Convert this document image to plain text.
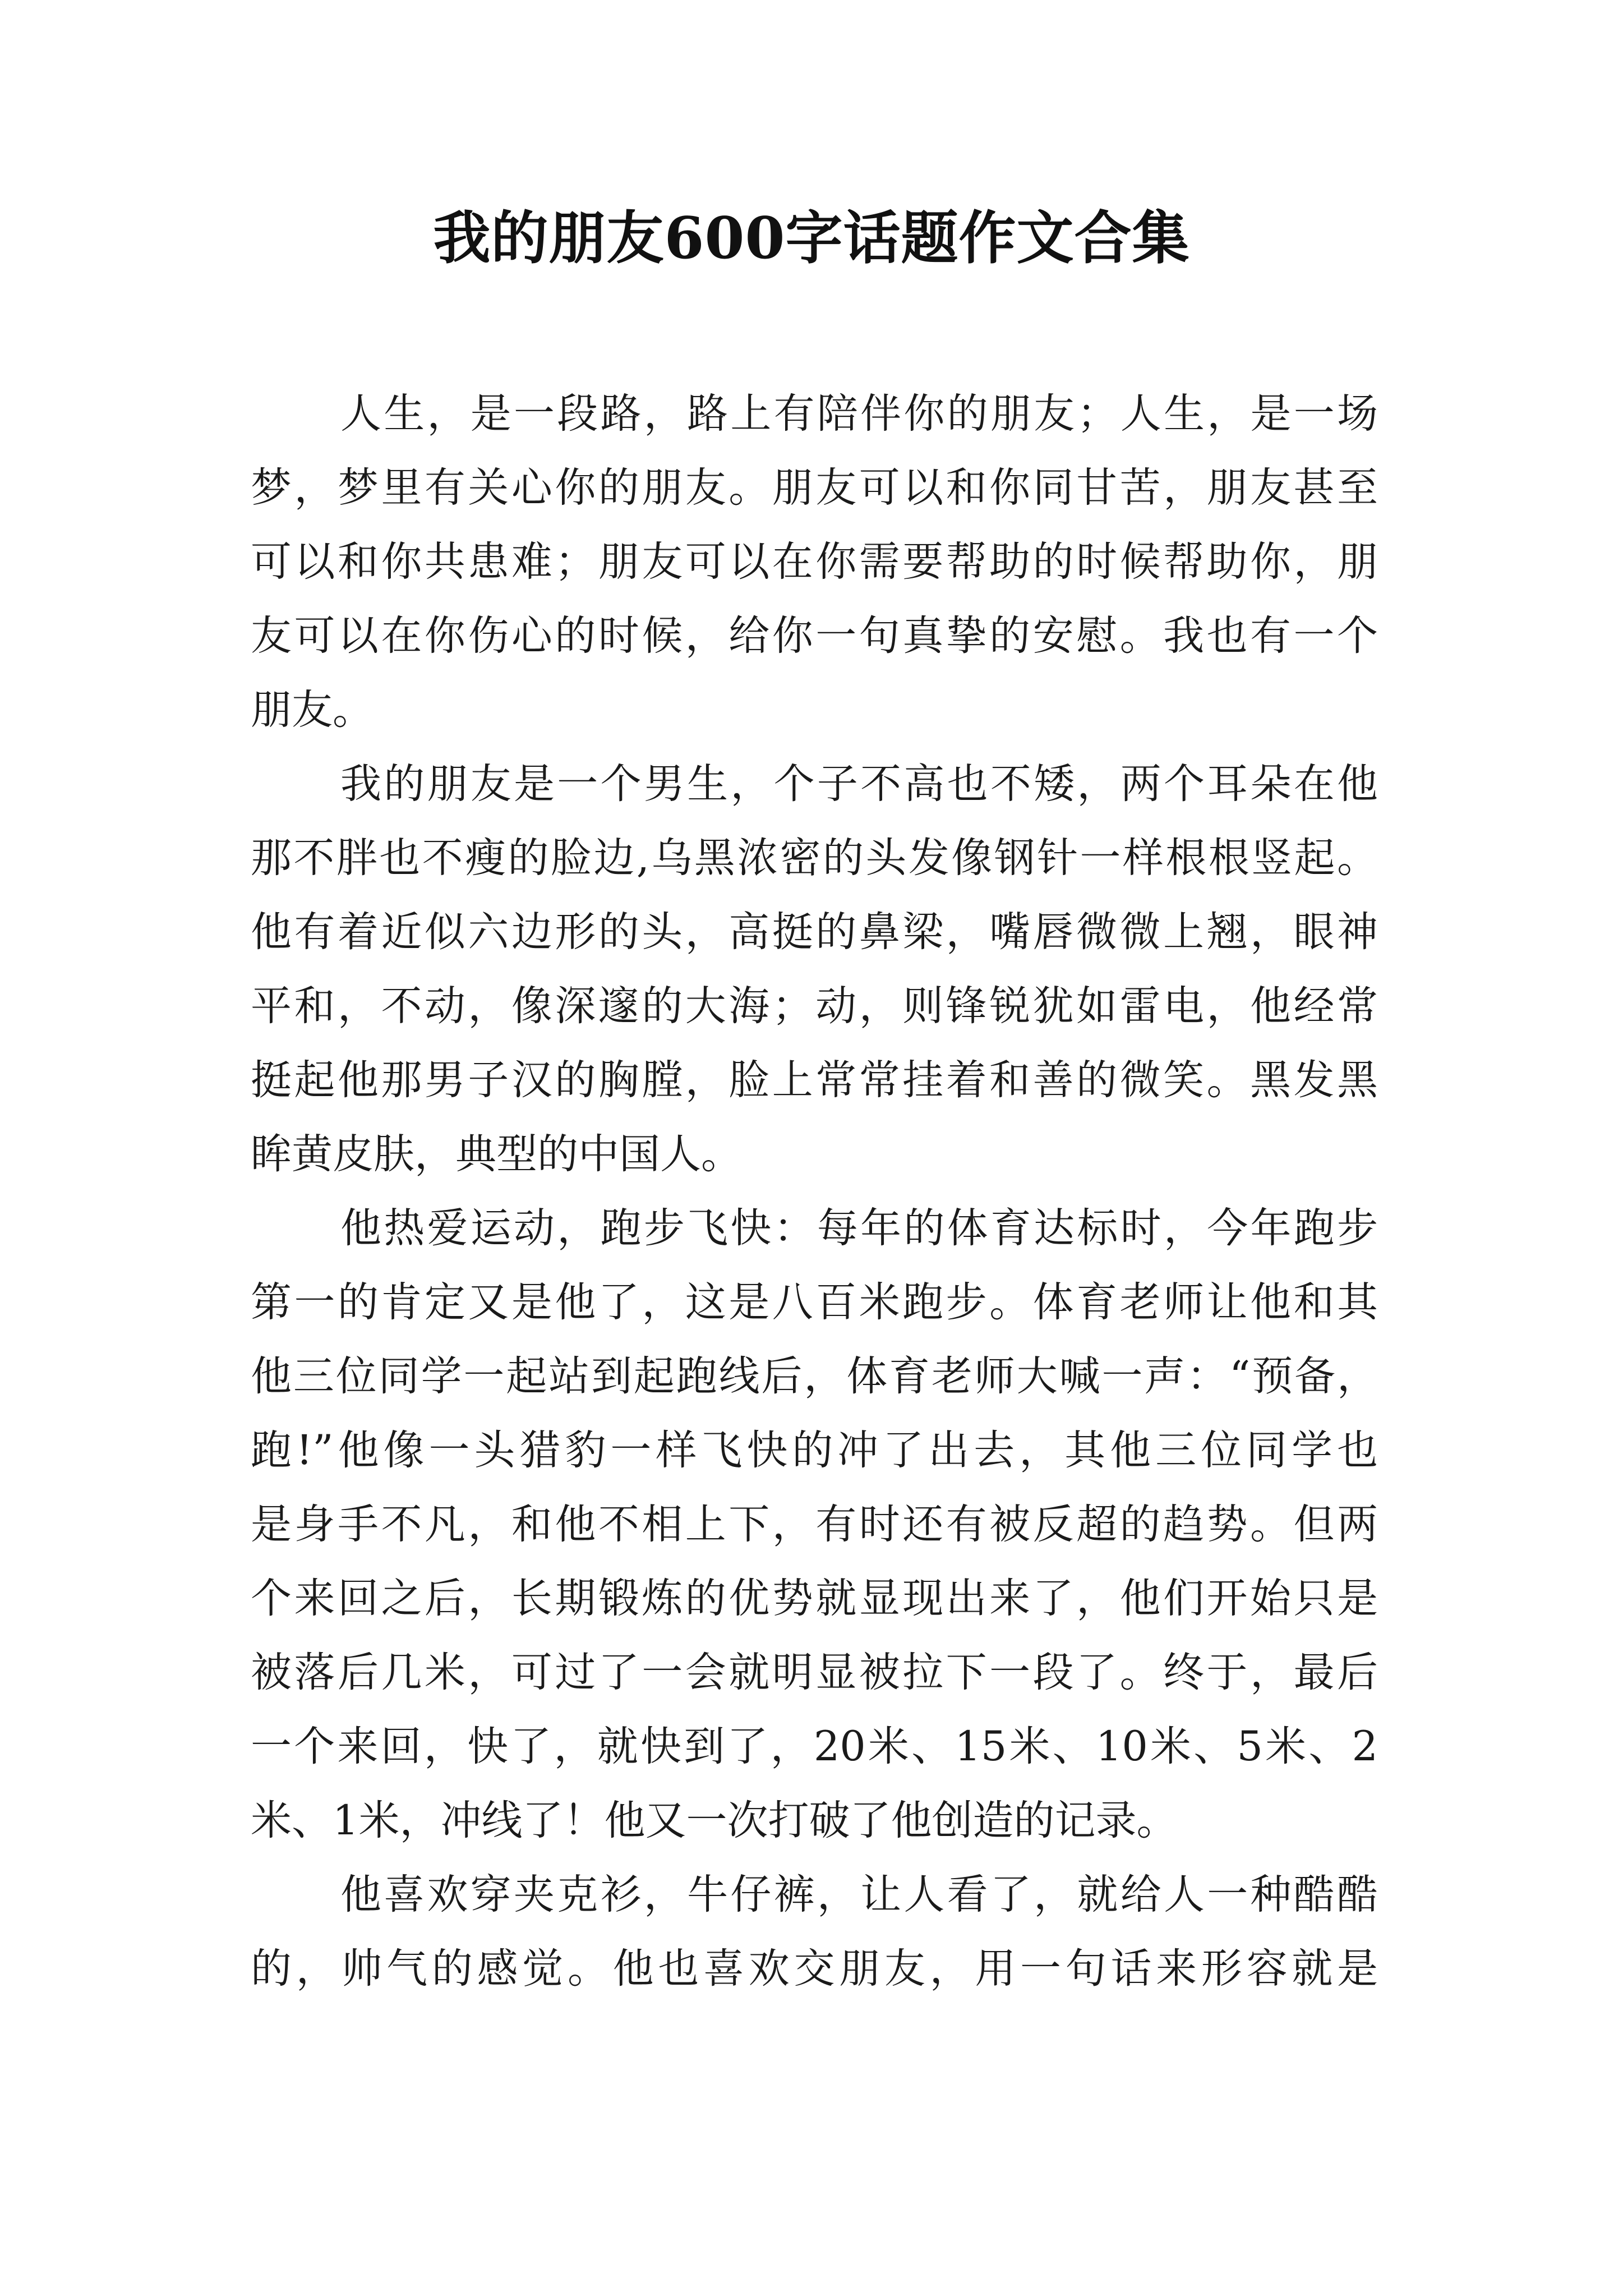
我的朋友600字话题作文合集
人生，是一段路，路上有陪伴你的朋友；人生，是一场
梦，梦里有关心你的朋友。朋友可以和你同甘苦，朋友甚至
可以和你共患难；朋友可以在你需要帮助的时候帮助你，朋
友可以在你伤心的时候，给你一句真挚的安慰。我也有一个
朋友。
我的朋友是一个男生，个子不高也不矮，两个耳朵在他
那不胖也不瘦的脸边,乌黑浓密的头发像钢针一样根根竖起。
他有着近似六边形的头，高挺的鼻梁，嘴唇微微上翘，眼神
平和，不动，像深邃的大海；动，则锋锐犹如雷电，他经常
挺起他那男子汉的胸膛，脸上常常挂着和善的微笑。黑发黑
眸黄皮肤，典型的中国人。
他热爱运动，跑步飞快：每年的体育达标时，今年跑步
第一的肯定又是他了，这是八百米跑步。体育老师让他和其
他三位同学一起站到起跑线后，体育老师大喊一声：“预备，
跑!”他像一头猎豹一样飞快的冲了出去，其他三位同学也
是身手不凡，和他不相上下，有时还有被反超的趋势。但两
个来回之后，长期锻炼的优势就显现出来了，他们开始只是
被落后几米，可过了一会就明显被拉下一段了。终于，最后
一个来回，快了，就快到了，20米、15米、10米、5米、2
米、1米，冲线了！他又一次打破了他创造的记录。
他喜欢穿夹克衫，牛仔裤，让人看了，就给人一种酷酷
的，帅气的感觉。他也喜欢交朋友，用一句话来形容就是
